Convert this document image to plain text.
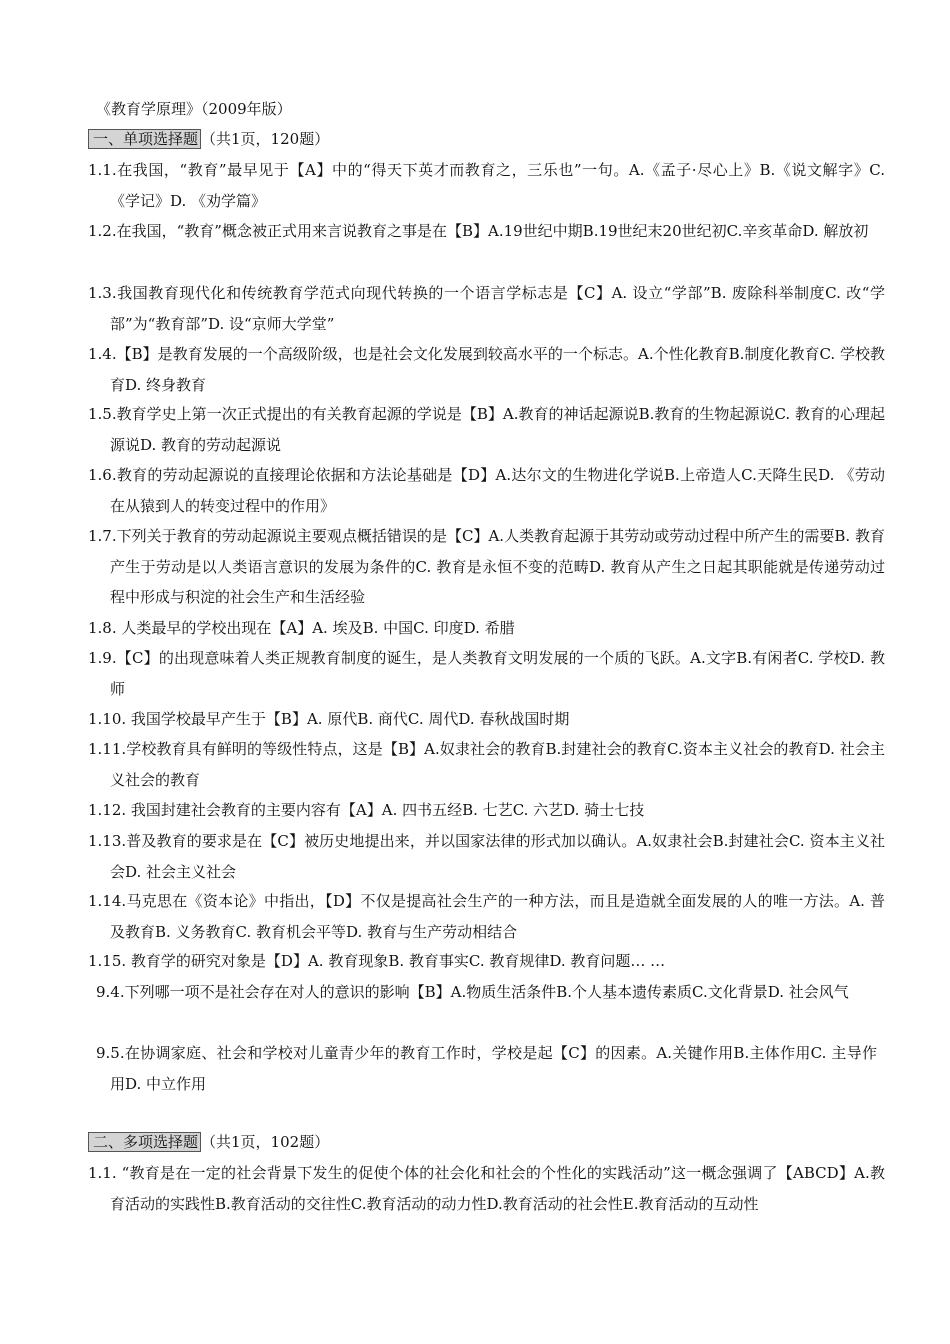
《教育学原理》（2009年版）
一、单项选择题 （共1页，120题）
1.1.在我国，“教育”最早见于【A】中的“得天下英才而教育之，三乐也”一句。A.《孟子·尽心上》B.《说文解字》C. 《学记》D. 《劝学篇》
1.2.在我国，“教育”概念被正式用来言说教育之事是在【B】A.19世纪中期B.19世纪末20世纪初C.辛亥革命D. 解放初
1.3.我国教育现代化和传统教育学范式向现代转换的一个语言学标志是【C】A. 设立“学部”B. 废除科举制度C. 改“学部”为“教育部”D. 设“京师大学堂”
1.4.【B】是教育发展的一个高级阶级，也是社会文化发展到较高水平的一个标志。A.个性化教育B.制度化教育C. 学校教育D. 终身教育
1.5.教育学史上第一次正式提出的有关教育起源的学说是【B】A.教育的神话起源说B.教育的生物起源说C. 教育的心理起源说D. 教育的劳动起源说
1.6.教育的劳动起源说的直接理论依据和方法论基础是【D】A.达尔文的生物进化学说B.上帝造人C.天降生民D. 《劳动在从猿到人的转变过程中的作用》
1.7.下列关于教育的劳动起源说主要观点概括错误的是【C】A.人类教育起源于其劳动或劳动过程中所产生的需要B. 教育产生于劳动是以人类语言意识的发展为条件的C. 教育是永恒不变的范畴D. 教育从产生之日起其职能就是传递劳动过程中形成与积淀的社会生产和生活经验
1.8. 人类最早的学校出现在【A】A. 埃及B. 中国C. 印度D. 希腊
1.9.【C】的出现意味着人类正规教育制度的诞生，是人类教育文明发展的一个质的飞跃。A.文字B.有闲者C. 学校D. 教师
1.10. 我国学校最早产生于【B】A. 原代B. 商代C. 周代D. 春秋战国时期
1.11.学校教育具有鲜明的等级性特点，这是【B】A.奴隶社会的教育B.封建社会的教育C.资本主义社会的教育D. 社会主义社会的教育
1.12. 我国封建社会教育的主要内容有【A】A. 四书五经B. 七艺C. 六艺D. 骑士七技
1.13.普及教育的要求是在【C】被历史地提出来，并以国家法律的形式加以确认。A.奴隶社会B.封建社会C. 资本主义社会D. 社会主义社会
1.14.马克思在《资本论》中指出，【D】不仅是提高社会生产的一种方法，而且是造就全面发展的人的唯一方法。A. 普及教育B. 义务教育C. 教育机会平等D. 教育与生产劳动相结合
1.15. 教育学的研究对象是【D】A. 教育现象B. 教育事实C. 教育规律D. 教育问题… …
9.4.下列哪一项不是社会存在对人的意识的影响【B】A.物质生活条件B.个人基本遗传素质C.文化背景D. 社会风气
9.5.在协调家庭、社会和学校对儿童青少年的教育工作时，学校是起【C】的因素。A.关键作用B.主体作用C. 主导作用D. 中立作用
二、多项选择题 （共1页，102题）
1.1. “教育是在一定的社会背景下发生的促使个体的社会化和社会的个性化的实践活动”这一概念强调了【ABCD】A.教育活动的实践性B.教育活动的交往性C.教育活动的动力性D.教育活动的社会性E.教育活动的互动性
